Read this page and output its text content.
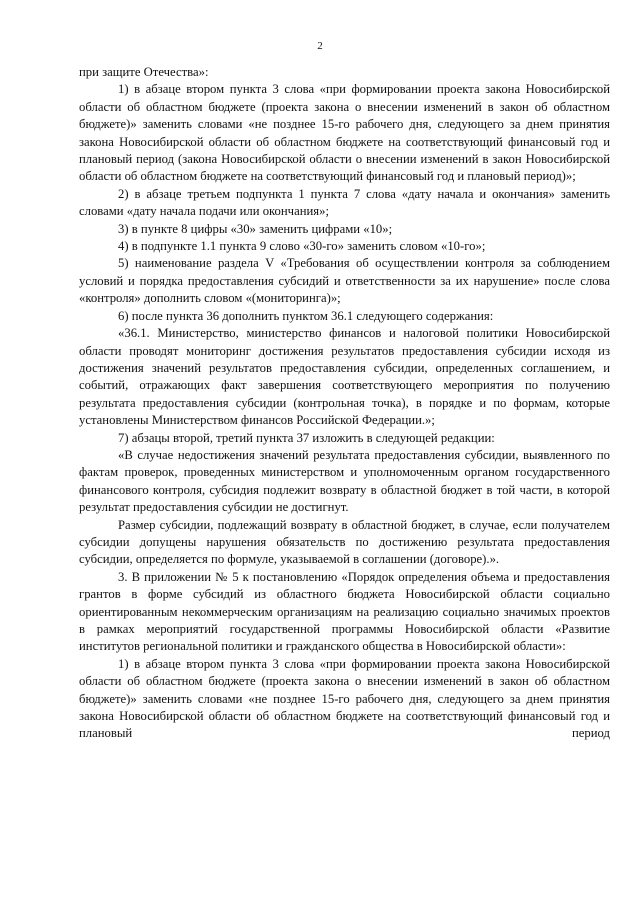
2

при защите Отечества»:

1) в абзаце втором пункта 3 слова «при формировании проекта закона Новосибирской области об областном бюджете (проекта закона о внесении изменений в закон об областном бюджете)» заменить словами «не позднее 15-го рабочего дня, следующего за днем принятия закона Новосибирской области об областном бюджете на соответствующий финансовый год и плановый период (закона Новосибирской области о внесении изменений в закон Новосибирской области об областном бюджете на соответствующий финансовый год и плановый период)»;

2) в абзаце третьем подпункта 1 пункта 7 слова «дату начала и окончания» заменить словами «дату начала подачи или окончания»;

3) в пункте 8 цифры «30» заменить цифрами «10»;

4) в подпункте 1.1 пункта 9 слово «30-го» заменить словом «10-го»;

5) наименование раздела V «Требования об осуществлении контроля за соблюдением условий и порядка предоставления субсидий и ответственности за их нарушение» после слова «контроля» дополнить словом «(мониторинга)»;

6) после пункта 36 дополнить пунктом 36.1 следующего содержания:

«36.1. Министерство, министерство финансов и налоговой политики Новосибирской области проводят мониторинг достижения результатов предоставления субсидии исходя из достижения значений результатов предоставления субсидии, определенных соглашением, и событий, отражающих факт завершения соответствующего мероприятия по получению результата предоставления субсидии (контрольная точка), в порядке и по формам, которые установлены Министерством финансов Российской Федерации.»;

7) абзацы второй, третий пункта 37 изложить в следующей редакции:

«В случае недостижения значений результата предоставления субсидии, выявленного по фактам проверок, проведенных министерством и уполномоченным органом государственного финансового контроля, субсидия подлежит возврату в областной бюджет в той части, в которой результат предоставления субсидии не достигнут.

Размер субсидии, подлежащий возврату в областной бюджет, в случае, если получателем субсидии допущены нарушения обязательств по достижению результата предоставления субсидии, определяется по формуле, указываемой в соглашении (договоре).».

3. В приложении № 5 к постановлению «Порядок определения объема и предоставления грантов в форме субсидий из областного бюджета Новосибирской области социально ориентированным некоммерческим организациям на реализацию социально значимых проектов в рамках мероприятий государственной программы Новосибирской области «Развитие институтов региональной политики и гражданского общества в Новосибирской области»:

1) в абзаце втором пункта 3 слова «при формировании проекта закона Новосибирской области об областном бюджете (проекта закона о внесении изменений в закон об областном бюджете)» заменить словами «не позднее 15-го рабочего дня, следующего за днем принятия закона Новосибирской области об областном бюджете на соответствующий финансовый год и плановый период
